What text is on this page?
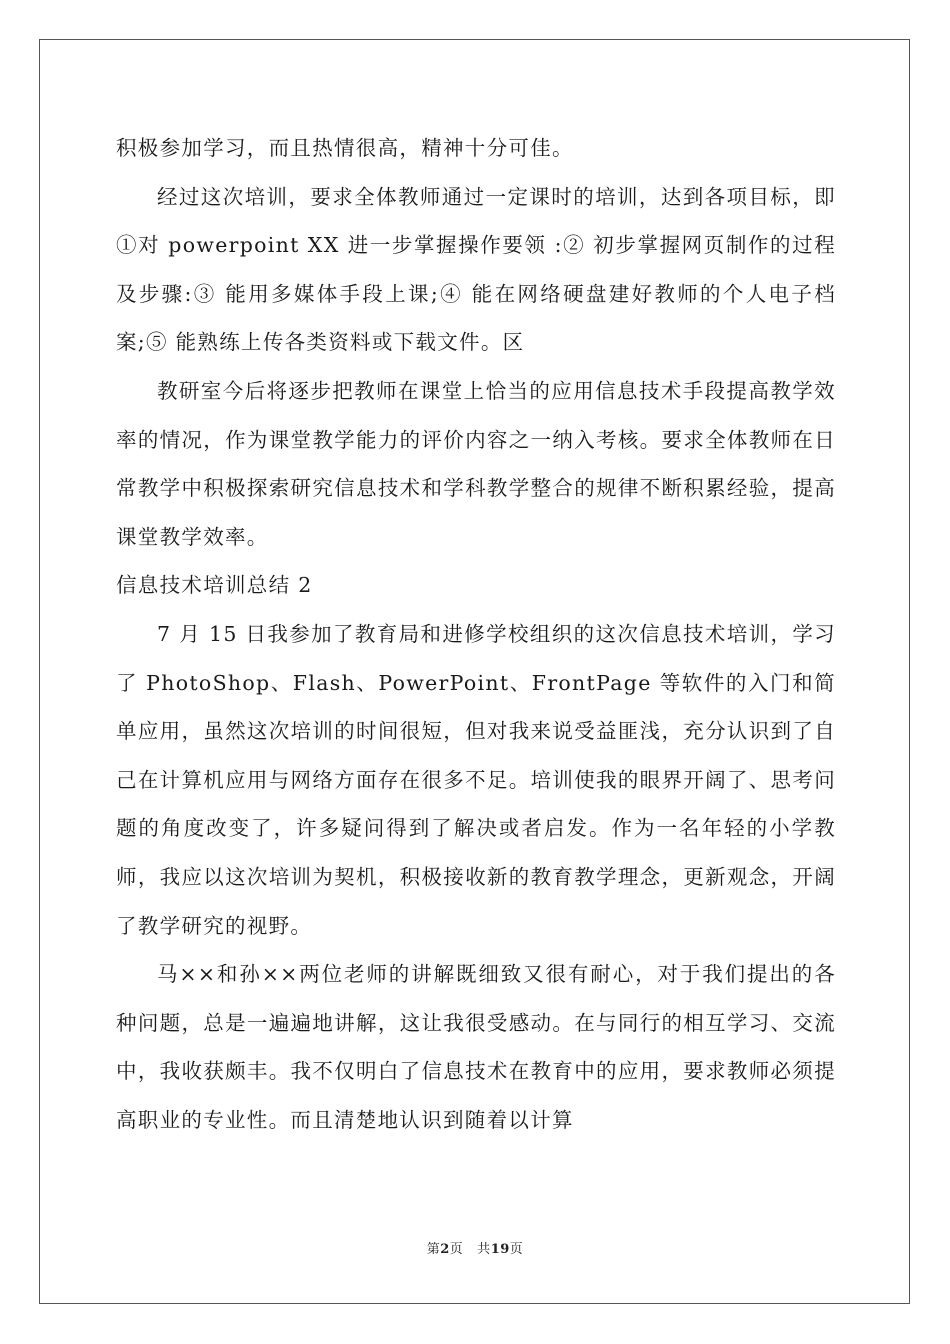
积极参加学习，而且热情很高，精神十分可佳。

经过这次培训，要求全体教师通过一定课时的培训，达到各项目标，即①对 powerpoint XX 进一步掌握操作要领 :② 初步掌握网页制作的过程及步骤:③ 能用多媒体手段上课;④ 能在网络硬盘建好教师的个人电子档案;⑤ 能熟练上传各类资料或下载文件。区

教研室今后将逐步把教师在课堂上恰当的应用信息技术手段提高教学效率的情况，作为课堂教学能力的评价内容之一纳入考核。要求全体教师在日常教学中积极探索研究信息技术和学科教学整合的规律不断积累经验，提高课堂教学效率。

信息技术培训总结 2

7 月 15 日我参加了教育局和进修学校组织的这次信息技术培训，学习了 PhotoShop、Flash、PowerPoint、FrontPage 等软件的入门和简单应用，虽然这次培训的时间很短，但对我来说受益匪浅，充分认识到了自己在计算机应用与网络方面存在很多不足。培训使我的眼界开阔了、思考问题的角度改变了，许多疑问得到了解决或者启发。作为一名年轻的小学教师，我应以这次培训为契机，积极接收新的教育教学理念，更新观念，开阔了教学研究的视野。

马××和孙××两位老师的讲解既细致又很有耐心，对于我们提出的各种问题，总是一遍遍地讲解，这让我很受感动。在与同行的相互学习、交流中，我收获颇丰。我不仅明白了信息技术在教育中的应用，要求教师必须提高职业的专业性。而且清楚地认识到随着以计算

第2页 共19页
